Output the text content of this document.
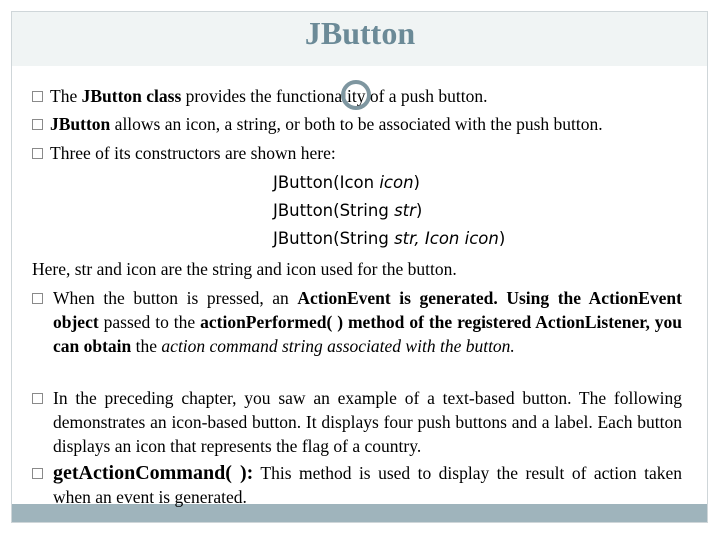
JButton
The JButton class provides the functionality of a push button.
JButton allows an icon, a string, or both to be associated with the push button.
Three of its constructors are shown here:
JButton(Icon icon)
JButton(String str)
JButton(String str, Icon icon)
Here, str and icon are the string and icon used for the button.
When the button is pressed, an ActionEvent is generated. Using the ActionEvent object passed to the actionPerformed( ) method of the registered ActionListener, you can obtain the action command string associated with the button.
In the preceding chapter, you saw an example of a text-based button. The following demonstrates an icon-based button. It displays four push buttons and a label. Each button displays an icon that represents the flag of a country.
getActionCommand( ): This method is used to display the result of action taken when an event is generated.
